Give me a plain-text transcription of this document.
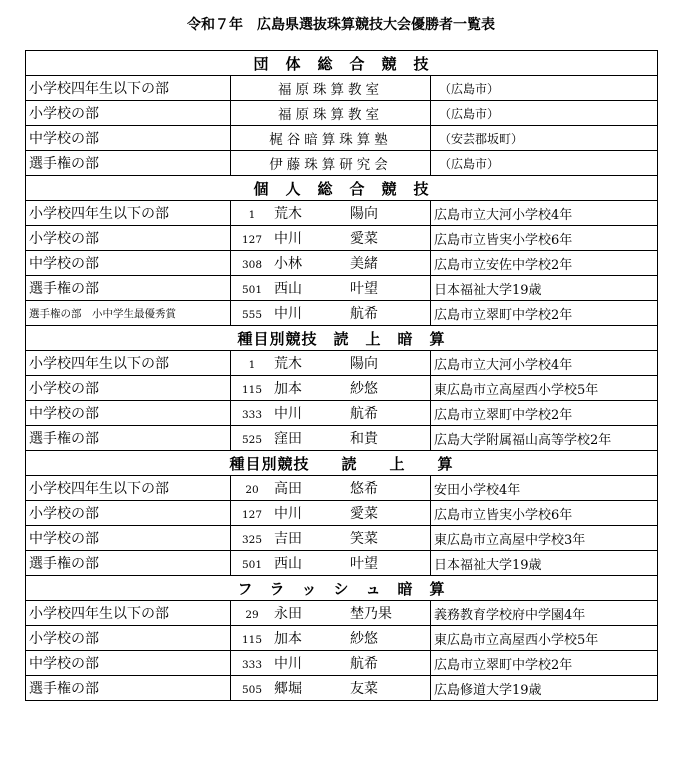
令和７年　広島県選抜珠算競技大会優勝者一覧表
団　体　総　合　競　技		
小学校四年生以下の部	福原珠算教室	（広島市）
小学校の部	福原珠算教室	（広島市）
中学校の部	梶谷暗算珠算塾	（安芸郡坂町）
選手権の部	伊藤珠算研究会	（広島市）
個　人　総　合　競　技		
小学校四年生以下の部	1 荒木 陽向	広島市立大河小学校4年
小学校の部	127 中川 愛菜	広島市立皆実小学校6年
中学校の部	308 小林 美緒	広島市立安佐中学校2年
選手権の部	501 西山 叶望	日本福祉大学19歳
選手権の部　小中学生最優秀賞	555 中川 航希	広島市立翠町中学校2年
種目別競技　読　上　暗　算		
小学校四年生以下の部	1 荒木 陽向	広島市立大河小学校4年
小学校の部	115 加本 紗悠	東広島市立高屋西小学校5年
中学校の部	333 中川 航希	広島市立翠町中学校2年
選手権の部	525 窪田 和貴	広島大学附属福山高等学校2年
種目別競技　　読　　上　　算		
小学校四年生以下の部	20 高田 悠希	安田小学校4年
小学校の部	127 中川 愛菜	広島市立皆実小学校6年
中学校の部	325 吉田 笑菜	東広島市立高屋中学校3年
選手権の部	501 西山 叶望	日本福祉大学19歳
フ　ラ　ッ　シ　ュ　暗　算		
小学校四年生以下の部	29 永田 埜乃果	義務教育学校府中学園4年
小学校の部	115 加本 紗悠	東広島市立高屋西小学校5年
中学校の部	333 中川 航希	広島市立翠町中学校2年
選手権の部	505 郷堀 友菜	広島修道大学19歳
